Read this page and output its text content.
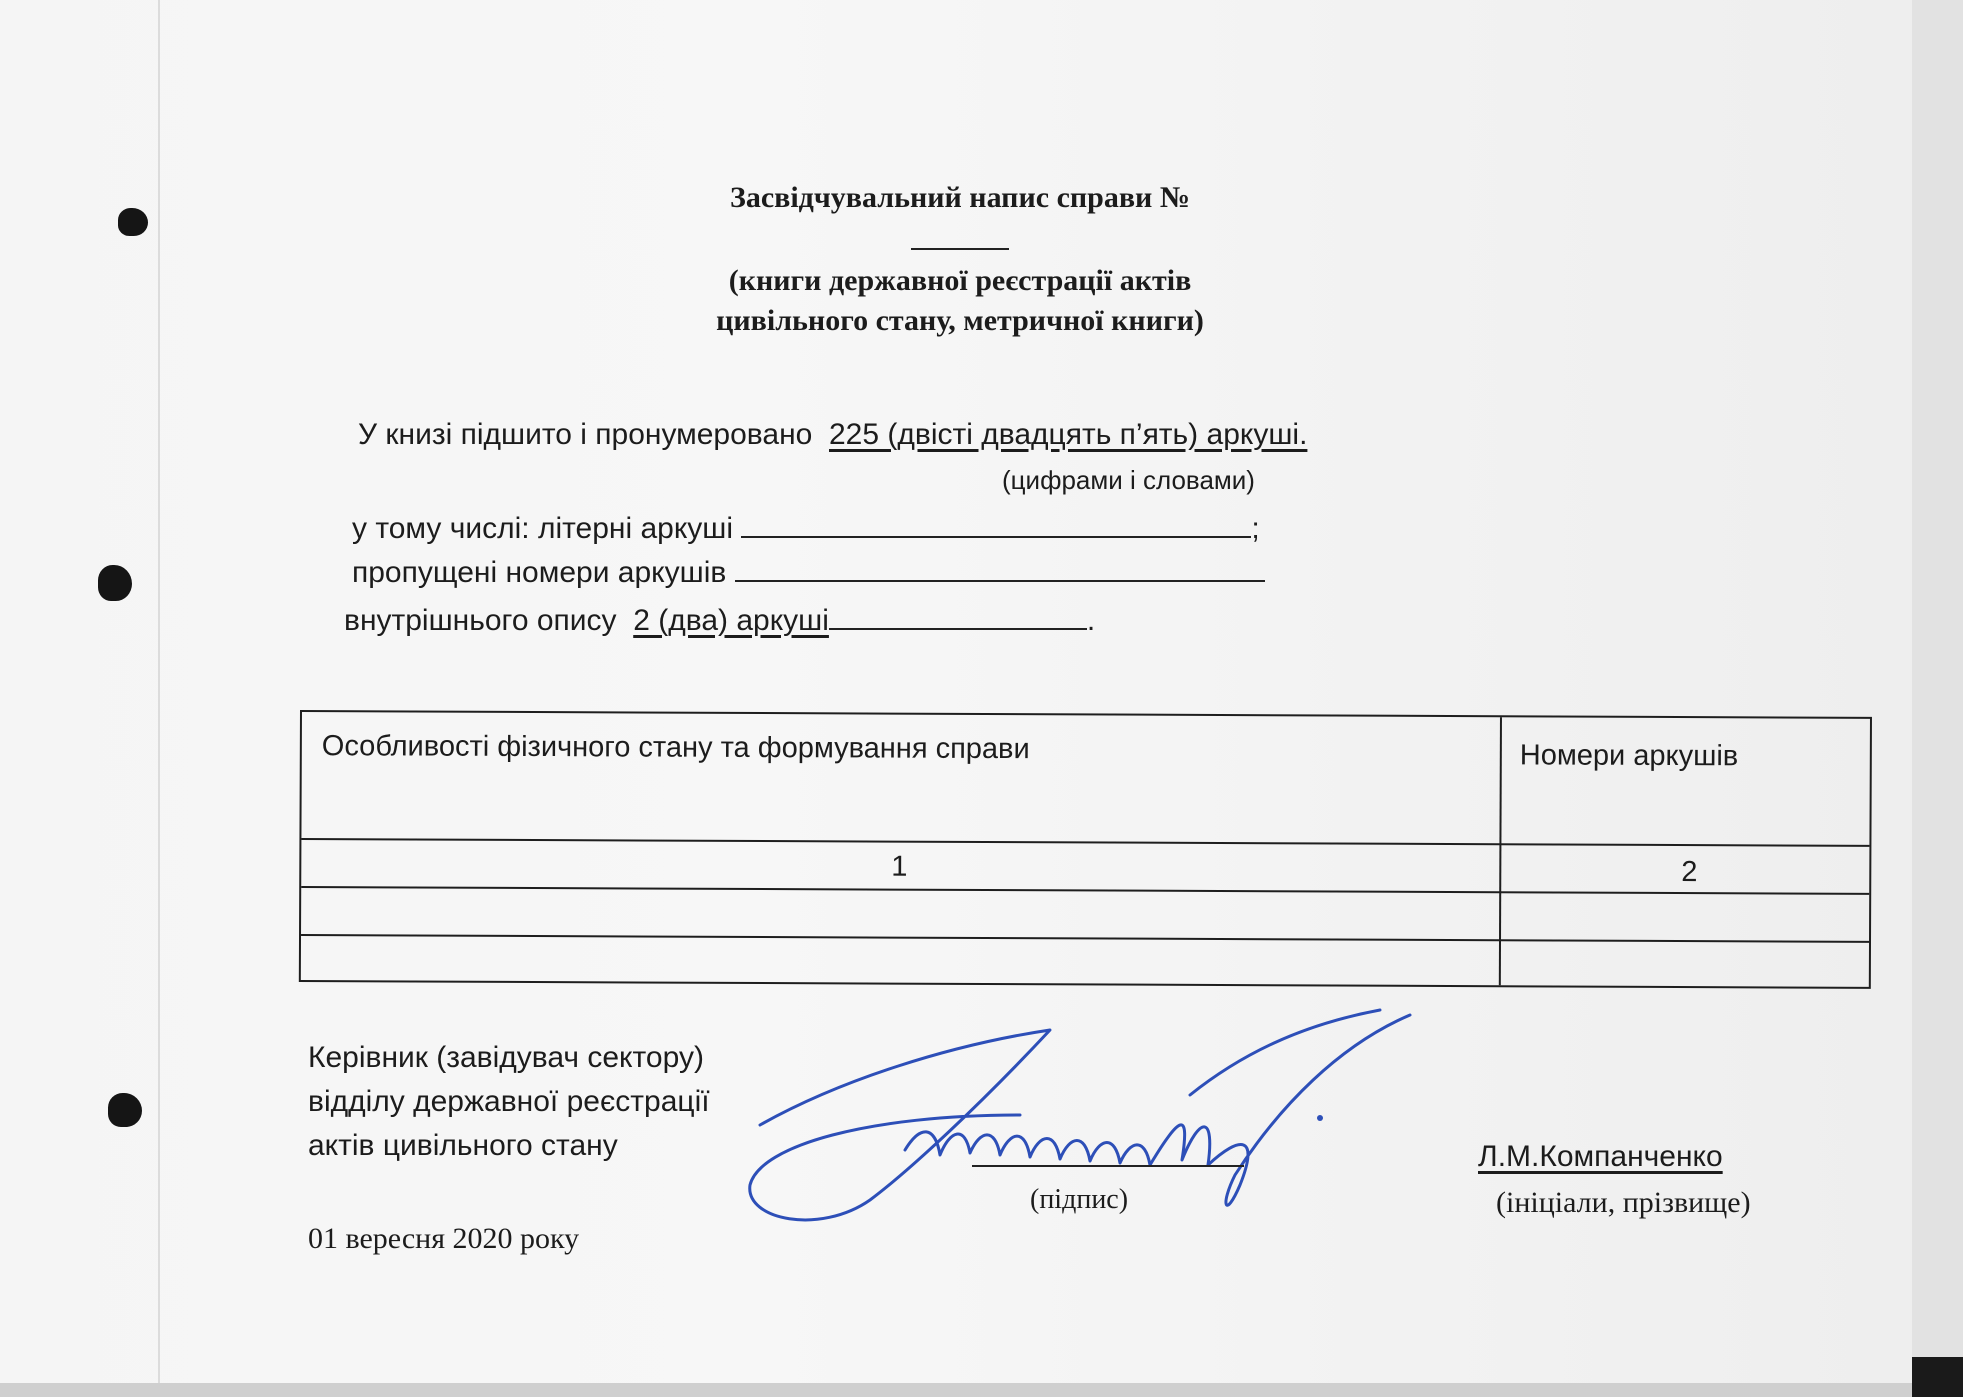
Засвідчувальний напис справи №
(книги державної реєстрації актів
цивільного стану, метричної книги)
У книзі підшито і пронумеровано 225 (двісті двадцять п’ять) аркуші.
(цифрами і словами)
у тому числі: літерні аркуші	;
пропущені номери аркушів
внутрішнього опису 2 (два) аркуші	.
Особливості фізичного стану та формування справи	Номери аркушів
1	2
Керівник (завідувач сектору)
відділу державної реєстрації
актів цивільного стану
(підпис)
Л.М.Компанченко
(ініціали, прізвище)
01 вересня 2020 року
